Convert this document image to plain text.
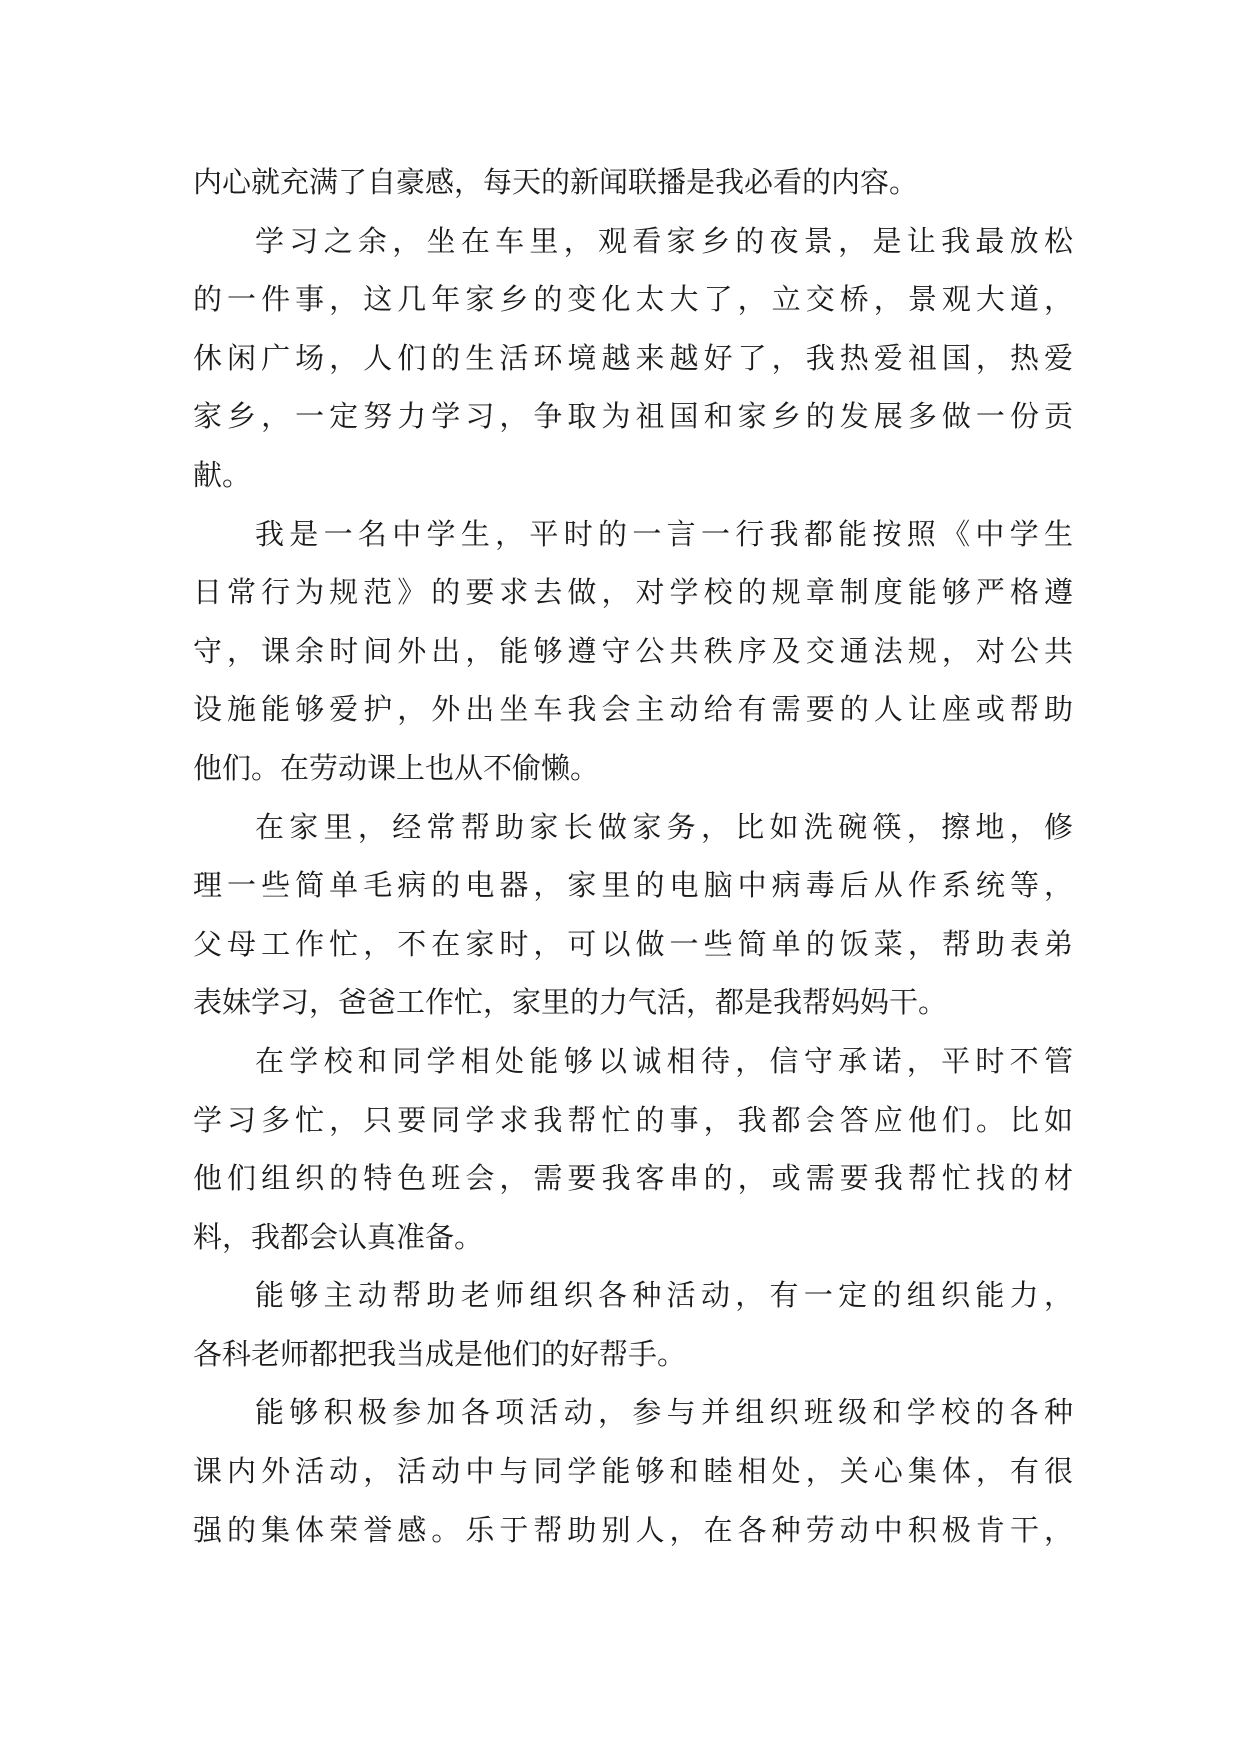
内心就充满了自豪感，每天的新闻联播是我必看的内容。
学习之余，坐在车里，观看家乡的夜景，是让我最放松
的一件事，这几年家乡的变化太大了，立交桥，景观大道，
休闲广场，人们的生活环境越来越好了，我热爱祖国，热爱
家乡，一定努力学习，争取为祖国和家乡的发展多做一份贡
献。
我是一名中学生，平时的一言一行我都能按照《中学生
日常行为规范》的要求去做，对学校的规章制度能够严格遵
守，课余时间外出，能够遵守公共秩序及交通法规，对公共
设施能够爱护，外出坐车我会主动给有需要的人让座或帮助
他们。在劳动课上也从不偷懒。
在家里，经常帮助家长做家务，比如洗碗筷，擦地，修
理一些简单毛病的电器，家里的电脑中病毒后从作系统等，
父母工作忙，不在家时，可以做一些简单的饭菜，帮助表弟
表妹学习，爸爸工作忙，家里的力气活，都是我帮妈妈干。
在学校和同学相处能够以诚相待，信守承诺，平时不管
学习多忙，只要同学求我帮忙的事，我都会答应他们。比如
他们组织的特色班会，需要我客串的，或需要我帮忙找的材
料，我都会认真准备。
能够主动帮助老师组织各种活动，有一定的组织能力，
各科老师都把我当成是他们的好帮手。
能够积极参加各项活动，参与并组织班级和学校的各种
课内外活动，活动中与同学能够和睦相处，关心集体，有很
强的集体荣誉感。乐于帮助别人，在各种劳动中积极肯干，
